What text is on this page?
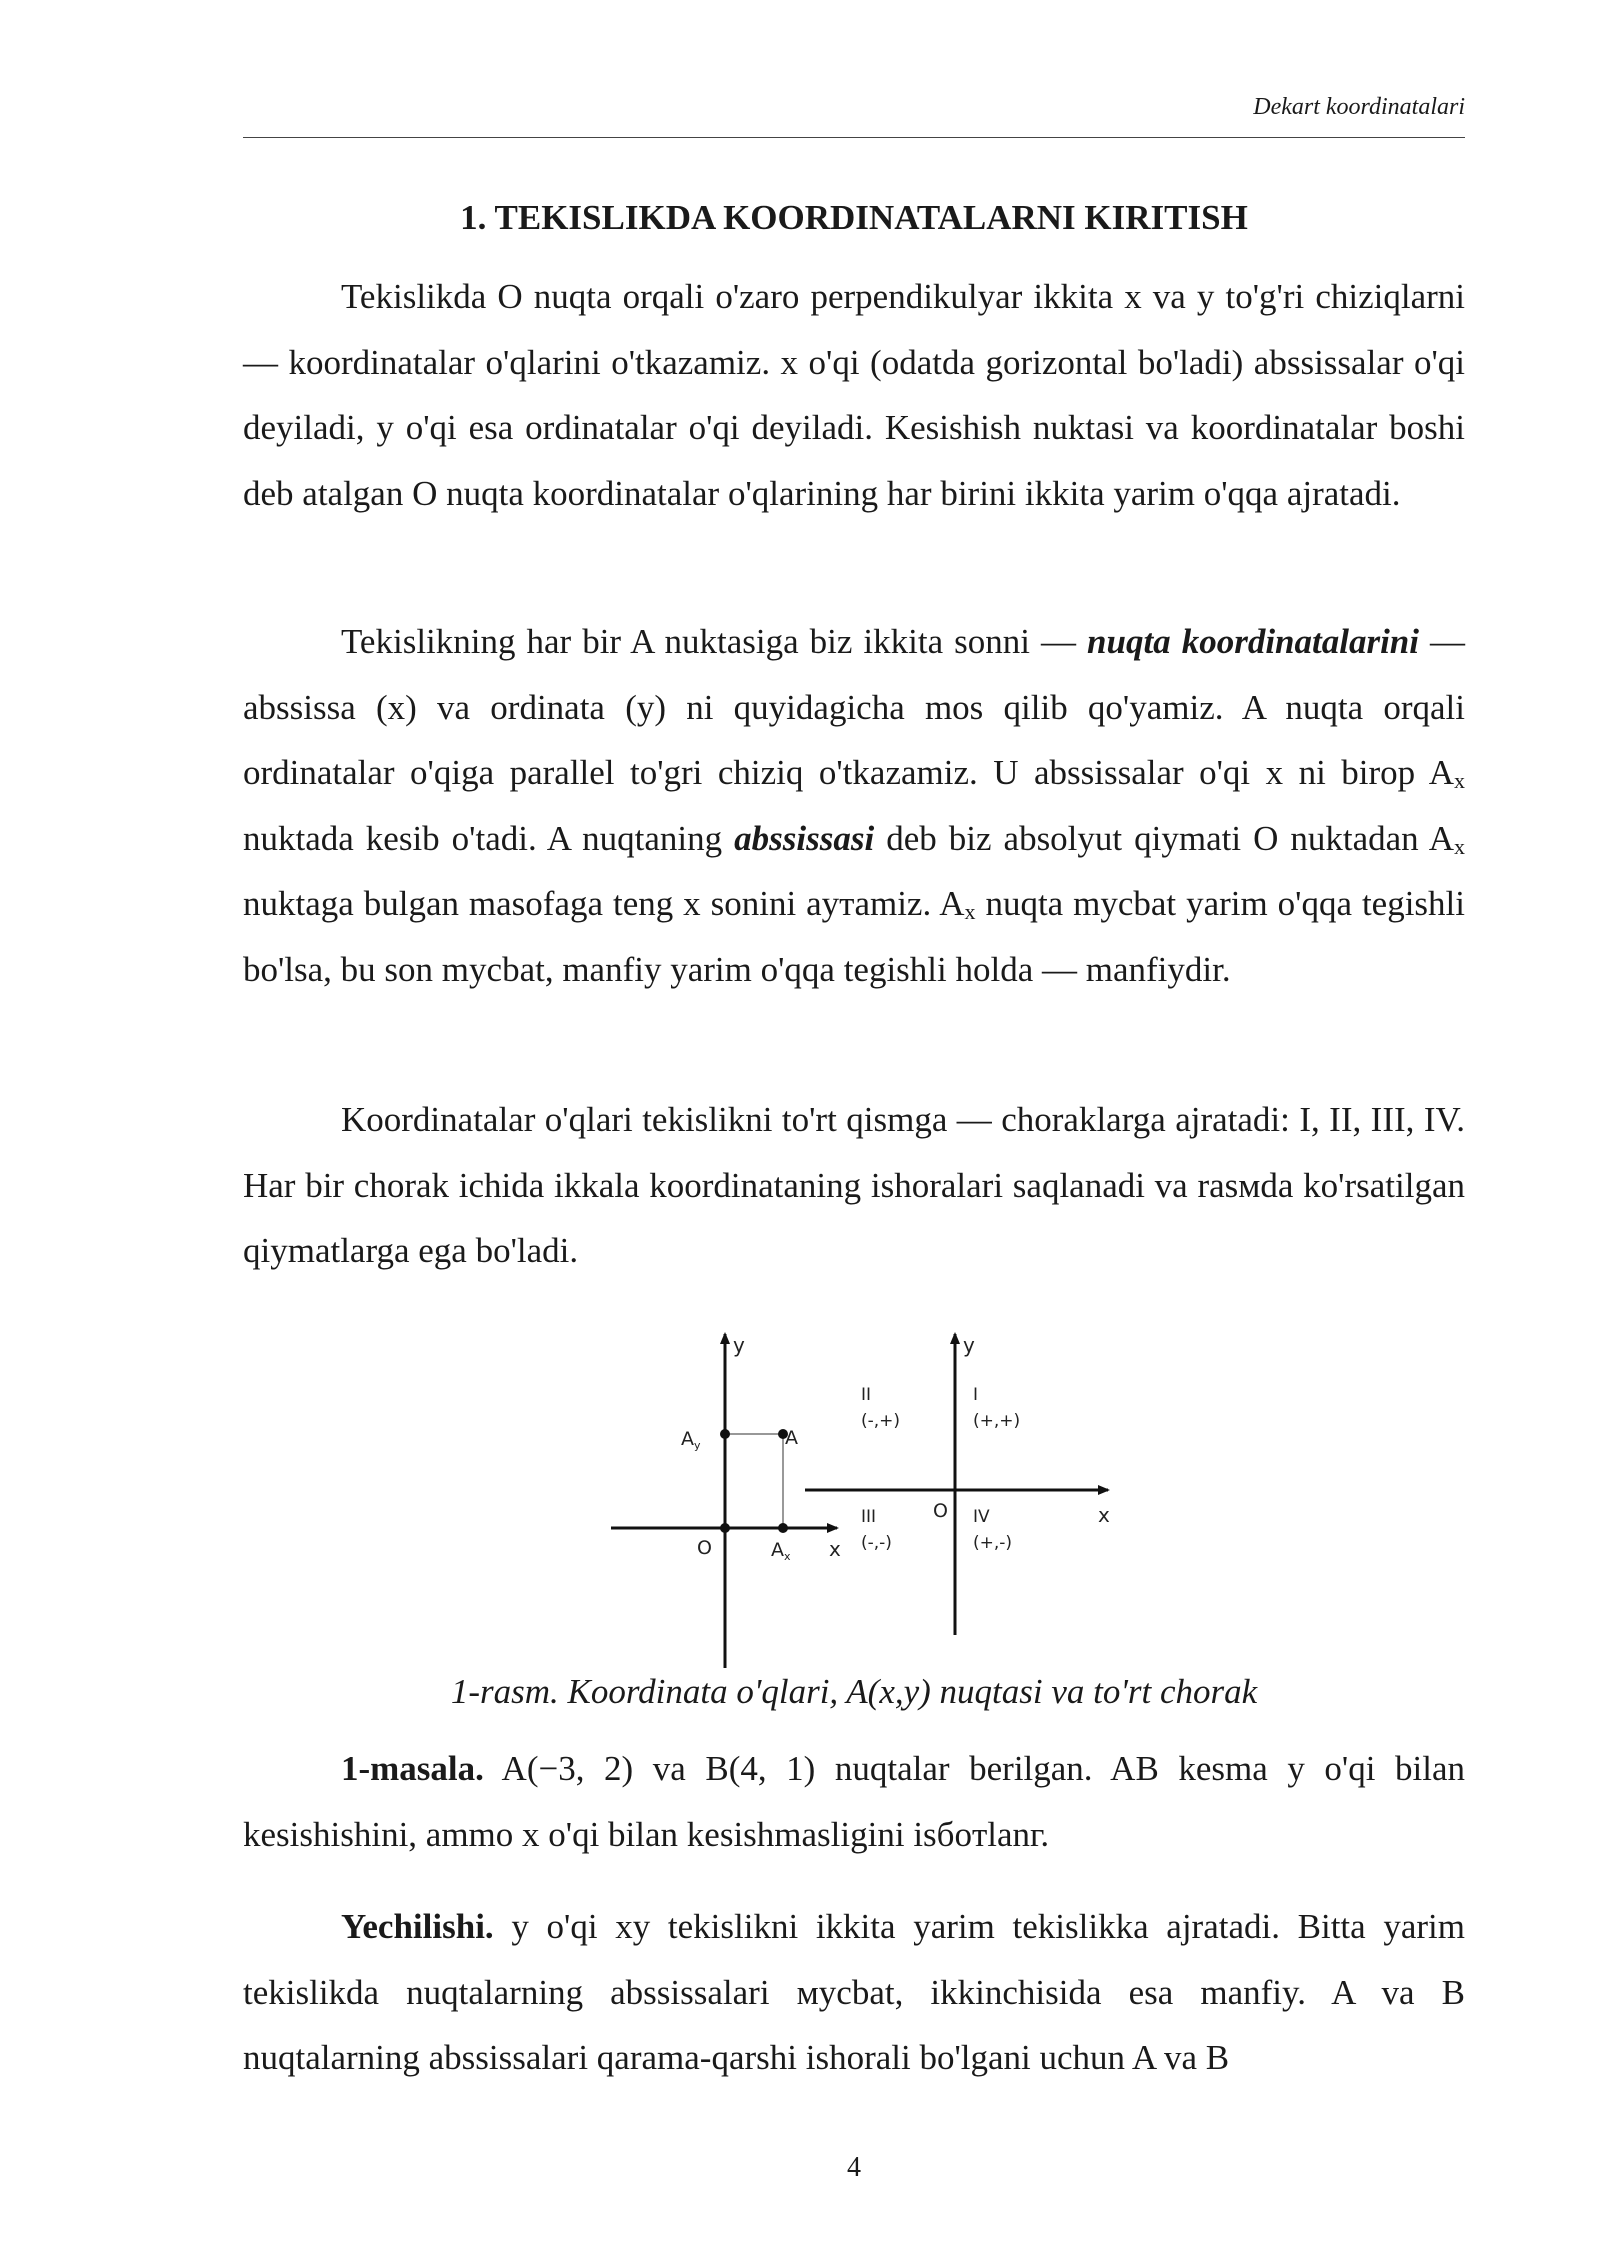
Dekart koordinatalari
1. TEKISLIKDA KOORDINATALARNI KIRITISH

Tekislikda O nuqta orqali o'zaro perpendikulyar ikkita x va y to'g'ri chiziqlarni — koordinatalar o'qlarini o'tkazamiz. x o'qi (odatda gorizontal bo'ladi) abssissalar o'qi deyiladi, y o'qi esa ordinatalar o'qi deyiladi. Kesishish nuktasi va koordinatalar boshi deb atalgan O nuqta koordinatalar o'qlarining har birini ikkita yarim o'qqa ajratadi.

Tekislikning har bir A nuktasiga biz ikkita sonni — nuqta koordinatalarini — abssissa (x) va ordinata (y) ni quyidagicha mos qilib qo'yamiz. A nuqta orqali ordinatalar o'qiga parallel to'gri chiziq o'tkazamiz. U abssissalar o'qi x ni birop $A_x$ nuktada kesib o'tadi. A nuqtaning abssissasi deb biz absolyut qiymati O nuktadan $A_x$ nuktaga bulgan masofaga teng x sonini ayтamiz. $A_x$ nuqta mycbat yarim o'qqa tegishli bo'lsa, bu son mycbat, manfiy yarim o'qqa tegishli holda — manfiydir.

Koordinatalar o'qlari tekislikni to'rt qismga — choraklarga ajratadi: I, II, III, IV. Har bir chorak ichida ikkala koordinataning ishoralari saqlanadi va rasмda ko'rsatilgan qiymatlarga ega bo'ladi.

y
x
O
A
$A_y$
$A_x$
y
x
O
I
(+,+)
II
(-,+)
III
(-,-)
IV
(+,-)
1-rasm. Koordinata o'qlari, A(x,y) nuqtasi va to'rt chorak

1-masala. A(−3, 2) va B(4, 1) nuqtalar berilgan. AB kesma y o'qi bilan kesishishini, ammo x o'qi bilan kesishmasligini isбoтlanг.

Yechilishi. y o'qi xy tekislikni ikkita yarim tekislikka ajratadi. Bitta yarim tekislikda nuqtalarning abssissalari мycbat, ikkinchisida esa manfiy. A va B nuqtalarning abssissalari qarama-qarshi ishorali bo'lgani uchun A va B

4
